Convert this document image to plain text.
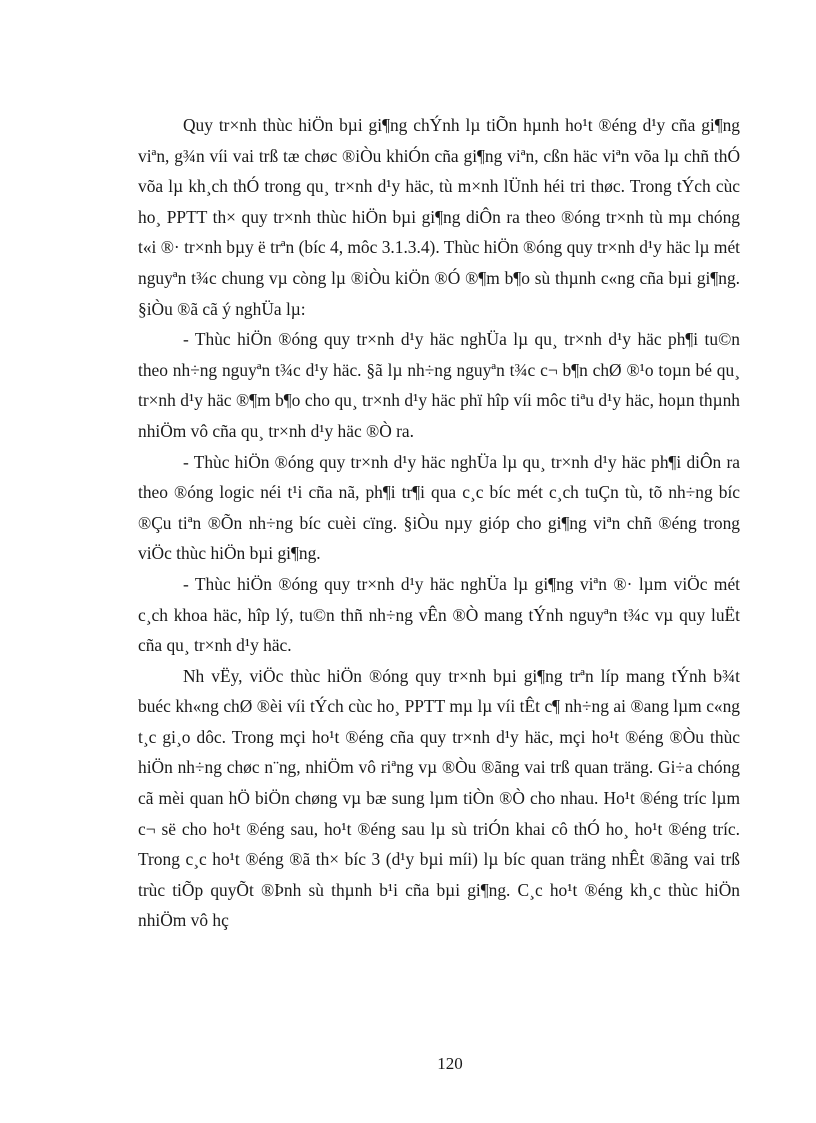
Quy tr×nh thùc hiÖn bµi gi¶ng chÝnh lµ tiÕn hµnh ho¹t ®éng d¹y cña gi¶ng viªn, g¾n víi vai trß tæ chøc ®iÒu khiÓn cña gi¶ng viªn, cßn häc viªn võa lµ chñ thÓ võa lµ kh¸ch thÓ trong qu¸ tr×nh d¹y häc, tù m×nh lÜnh héi tri thøc. Trong tÝch cùc ho¸ PPTT th× quy tr×nh thùc hiÖn bµi gi¶ng diÔn ra theo ®óng tr×nh tù mµ chóng t«i ®· tr×nh bµy ë trªn (bíc 4, môc 3.1.3.4). Thùc hiÖn ®óng quy tr×nh d¹y häc lµ mét nguyªn t¾c chung vµ còng lµ ®iÒu kiÖn ®Ó ®¶m b¶o sù thµnh c«ng cña bµi gi¶ng. §iÒu ®ã cã ý nghÜa lµ:

- Thùc hiÖn ®óng quy tr×nh d¹y häc nghÜa lµ qu¸ tr×nh d¹y häc ph¶i tu©n theo nh÷ng nguyªn t¾c d¹y häc. §ã lµ nh÷ng nguyªn t¾c c¬ b¶n chØ ®¹o toµn bé qu¸ tr×nh d¹y häc ®¶m b¶o cho qu¸ tr×nh d¹y häc phï hîp víi môc tiªu d¹y häc, hoµn thµnh nhiÖm vô cña qu¸ tr×nh d¹y häc ®Ò ra.

- Thùc hiÖn ®óng quy tr×nh d¹y häc nghÜa lµ qu¸ tr×nh d¹y häc ph¶i diÔn ra theo ®óng logic néi t¹i cña nã, ph¶i tr¶i qua c¸c bíc mét c¸ch tuÇn tù, tõ nh÷ng bíc ®Çu tiªn ®Õn nh÷ng bíc cuèi cïng. §iÒu nµy gióp cho gi¶ng viªn chñ ®éng trong viÖc thùc hiÖn bµi gi¶ng.

- Thùc hiÖn ®óng quy tr×nh d¹y häc nghÜa lµ gi¶ng viªn ®· lµm viÖc mét c¸ch khoa häc, hîp lý, tu©n thñ nh÷ng vÊn ®Ò mang tÝnh nguyªn t¾c vµ quy luËt cña qu¸ tr×nh d¹y häc.

Nh vËy, viÖc thùc hiÖn ®óng quy tr×nh bµi gi¶ng trªn líp mang tÝnh b¾t buéc kh«ng chØ ®èi víi tÝch cùc ho¸ PPTT mµ lµ víi tÊt c¶ nh÷ng ai ®ang lµm c«ng t¸c gi¸o dôc. Trong mçi ho¹t ®éng cña quy tr×nh d¹y häc, mçi ho¹t ®éng ®Òu thùc hiÖn nh÷ng chøc n¨ng, nhiÖm vô riªng vµ ®Òu ®ãng vai trß quan träng. Gi÷a chóng cã mèi quan hÖ biÖn chøng vµ bæ sung lµm tiÒn ®Ò cho nhau. Ho¹t ®éng tríc lµm c¬ së cho ho¹t ®éng sau, ho¹t ®éng sau lµ sù triÓn khai cô thÓ ho¸ ho¹t ®éng tríc. Trong c¸c ho¹t ®éng ®ã th× bíc 3 (d¹y bµi míi) lµ bíc quan träng nhÊt ®ãng vai trß trùc tiÕp quyÕt ®Þnh sù thµnh b¹i cña bµi gi¶ng. C¸c ho¹t ®éng kh¸c thùc hiÖn nhiÖm vô hç

120
